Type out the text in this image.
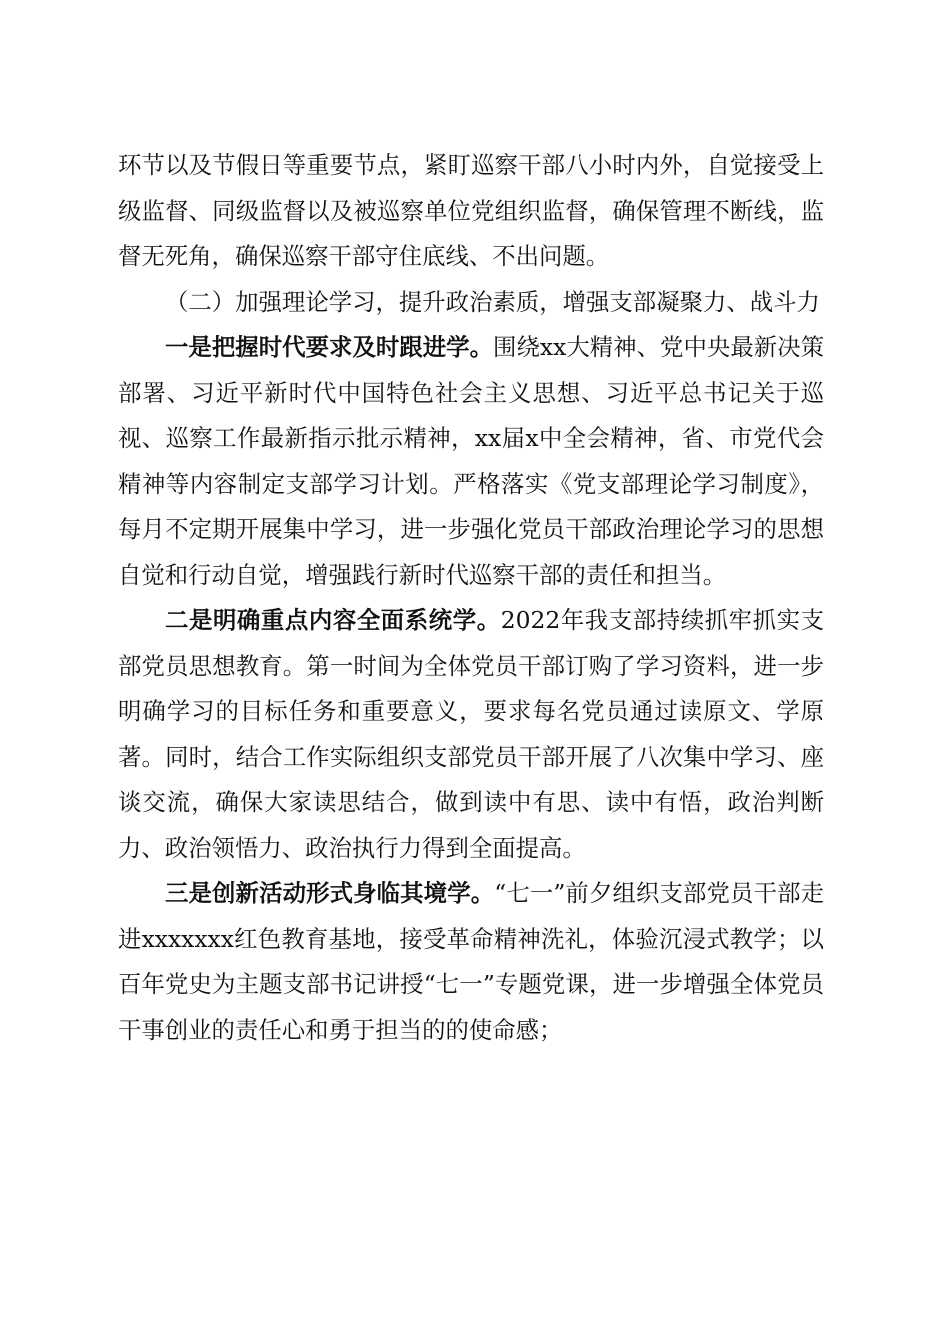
环节以及节假日等重要节点，紧盯巡察干部八小时内外，自觉接受上级监督、同级监督以及被巡察单位党组织监督，确保管理不断线，监督无死角，确保巡察干部守住底线、不出问题。

（二）加强理论学习，提升政治素质，增强支部凝聚力、战斗力

一是把握时代要求及时跟进学。围绕xx大精神、党中央最新决策部署、习近平新时代中国特色社会主义思想、习近平总书记关于巡视、巡察工作最新指示批示精神，xx届x中全会精神，省、市党代会精神等内容制定支部学习计划。严格落实《党支部理论学习制度》，每月不定期开展集中学习，进一步强化党员干部政治理论学习的思想自觉和行动自觉，增强践行新时代巡察干部的责任和担当。

二是明确重点内容全面系统学。2022年我支部持续抓牢抓实支部党员思想教育。第一时间为全体党员干部订购了学习资料，进一步明确学习的目标任务和重要意义，要求每名党员通过读原文、学原著。同时，结合工作实际组织支部党员干部开展了八次集中学习、座谈交流，确保大家读思结合，做到读中有思、读中有悟，政治判断力、政治领悟力、政治执行力得到全面提高。

三是创新活动形式身临其境学。“七一”前夕组织支部党员干部走进xxxxxxx红色教育基地，接受革命精神洗礼，体验沉浸式教学；以百年党史为主题支部书记讲授“七一”专题党课，进一步增强全体党员干事创业的责任心和勇于担当的的使命感；
